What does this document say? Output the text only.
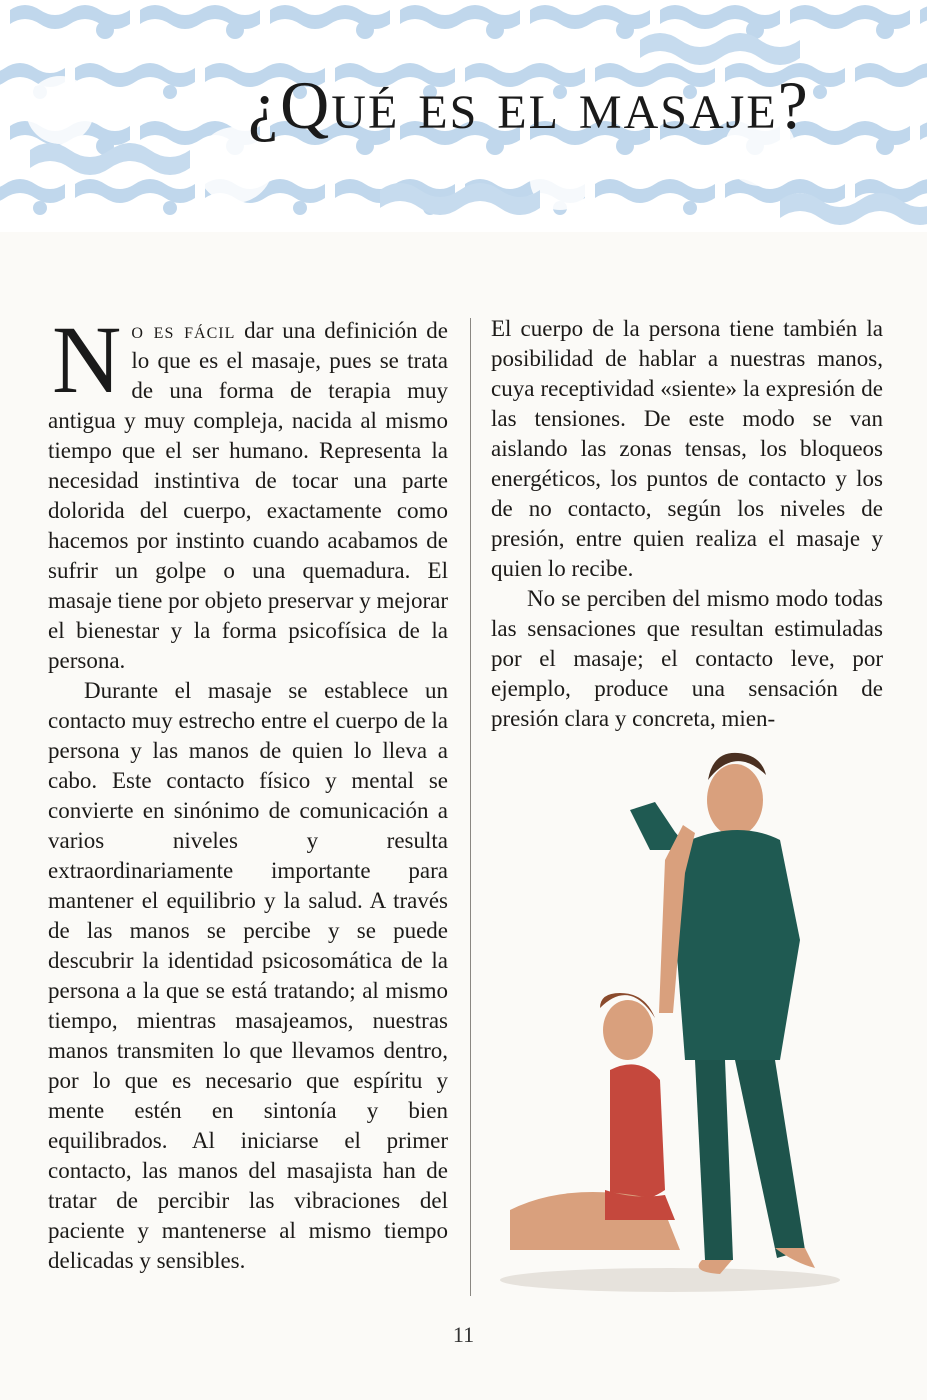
¿Qué es el masaje?

No es fácil dar una definición de lo que es el masaje, pues se trata de una forma de terapia muy antigua y muy compleja, nacida al mismo tiempo que el ser humano. Representa la necesidad instintiva de tocar una parte dolorida del cuerpo, exactamente como hacemos por instinto cuando acabamos de sufrir un golpe o una quemadura. El masaje tiene por objeto preservar y mejorar el bienestar y la forma psicofísica de la persona.

Durante el masaje se establece un contacto muy estrecho entre el cuerpo de la persona y las manos de quien lo lleva a cabo. Este contacto físico y mental se convierte en sinónimo de comunicación a varios niveles y resulta extraordinariamente importante para mantener el equilibrio y la salud. A través de las manos se percibe y se puede descubrir la identidad psicosomática de la persona a la que se está tratando; al mismo tiempo, mientras masajeamos, nuestras manos transmiten lo que llevamos dentro, por lo que es necesario que espíritu y mente estén en sintonía y bien equilibrados. Al iniciarse el primer contacto, las manos del masajista han de tratar de percibir las vibraciones del paciente y mantenerse al mismo tiempo delicadas y sensibles.

El cuerpo de la persona tiene también la posibilidad de hablar a nuestras manos, cuya receptividad «siente» la expresión de las tensiones. De este modo se van aislando las zonas tensas, los bloqueos energéticos, los puntos de contacto y los de no contacto, según los niveles de presión, entre quien realiza el masaje y quien lo recibe.

No se perciben del mismo modo todas las sensaciones que resultan estimuladas por el masaje; el contacto leve, por ejemplo, produce una sensación de presión clara y concreta, mien-

11
